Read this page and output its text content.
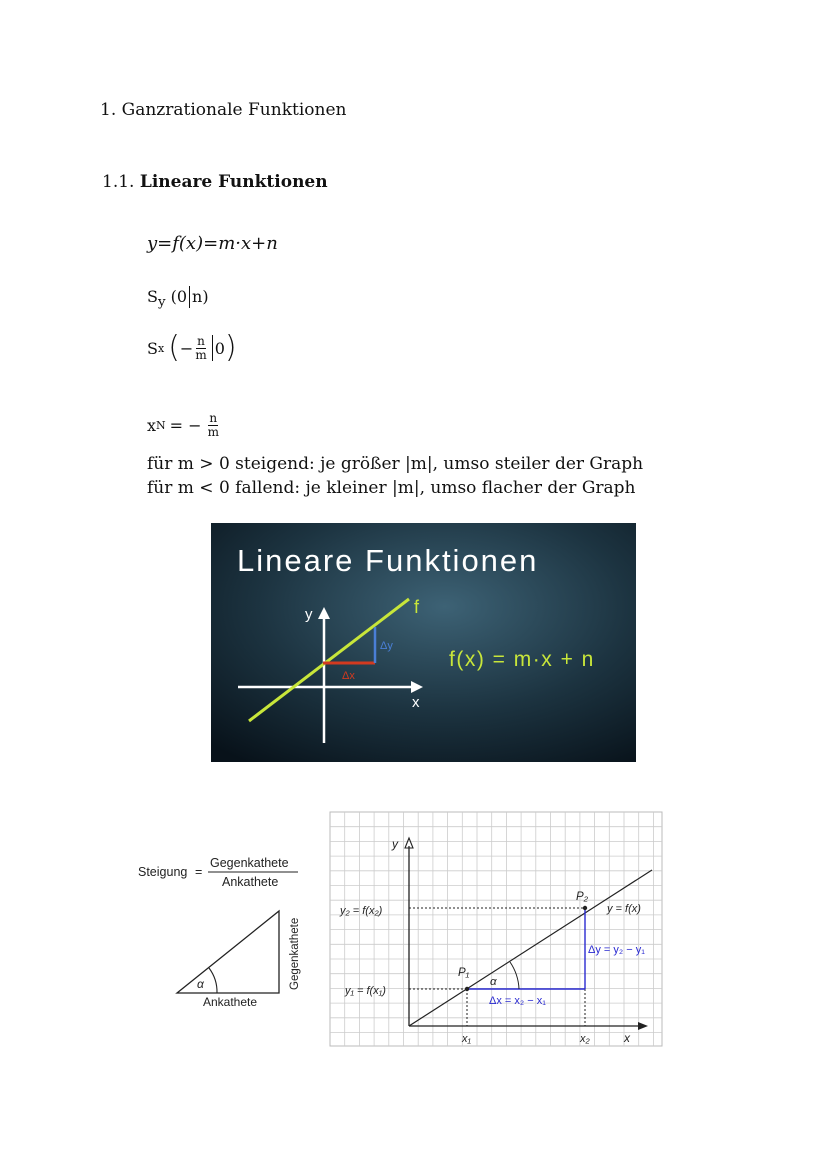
1. Ganzrationale Funktionen
1.1. Lineare Funktionen
y=f(x)=m·x+n
$S_y$ (0 n)
S x ( − $\frac{n}{m} 0$ )
x N = − $\frac{n}{m}$
für m > 0 steigend: je größer |m|, umso steiler der Graph
für m < 0 fallend: je kleiner |m|, umso flacher der Graph
Lineare Funktionen
y
x
f
Δx
Δy
f(x) = m·x + n
Steigung =
Gegenkathete
Ankathete
α
Ankathete
Gegenkathete
y
x
P₁
P₂
α
y₂ = f(x₂)
y₁ = f(x₁)
y = f(x)
Δx = x₂ − x₁
Δy = y₂ − y₁
x₁	x₂
